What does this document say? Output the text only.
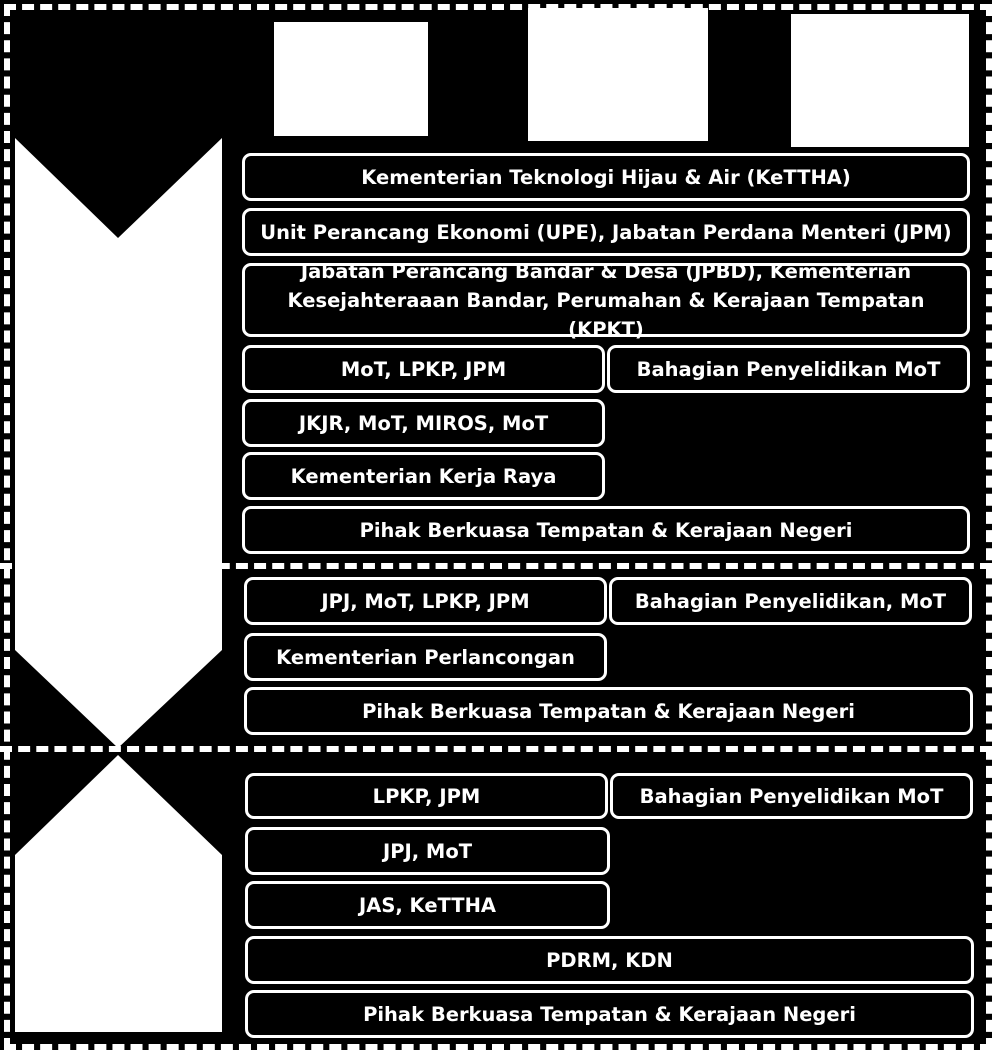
Kementerian Teknologi Hijau & Air (KeTTHA)
Unit Perancang Ekonomi (UPE), Jabatan Perdana Menteri (JPM)
Jabatan Perancang Bandar & Desa (JPBD), Kementerian Kesejahteraaan Bandar, Perumahan & Kerajaan Tempatan (KPKT)
MoT, LPKP, JPM	Bahagian Penyelidikan MoT
JKJR, MoT, MIROS, MoT
Kementerian Kerja Raya
Pihak Berkuasa Tempatan & Kerajaan Negeri
JPJ, MoT, LPKP, JPM	Bahagian Penyelidikan, MoT
Kementerian Perlancongan
Pihak Berkuasa Tempatan & Kerajaan Negeri
LPKP, JPM	Bahagian Penyelidikan MoT
JPJ, MoT
JAS, KeTTHA
PDRM, KDN
Pihak Berkuasa Tempatan & Kerajaan Negeri
